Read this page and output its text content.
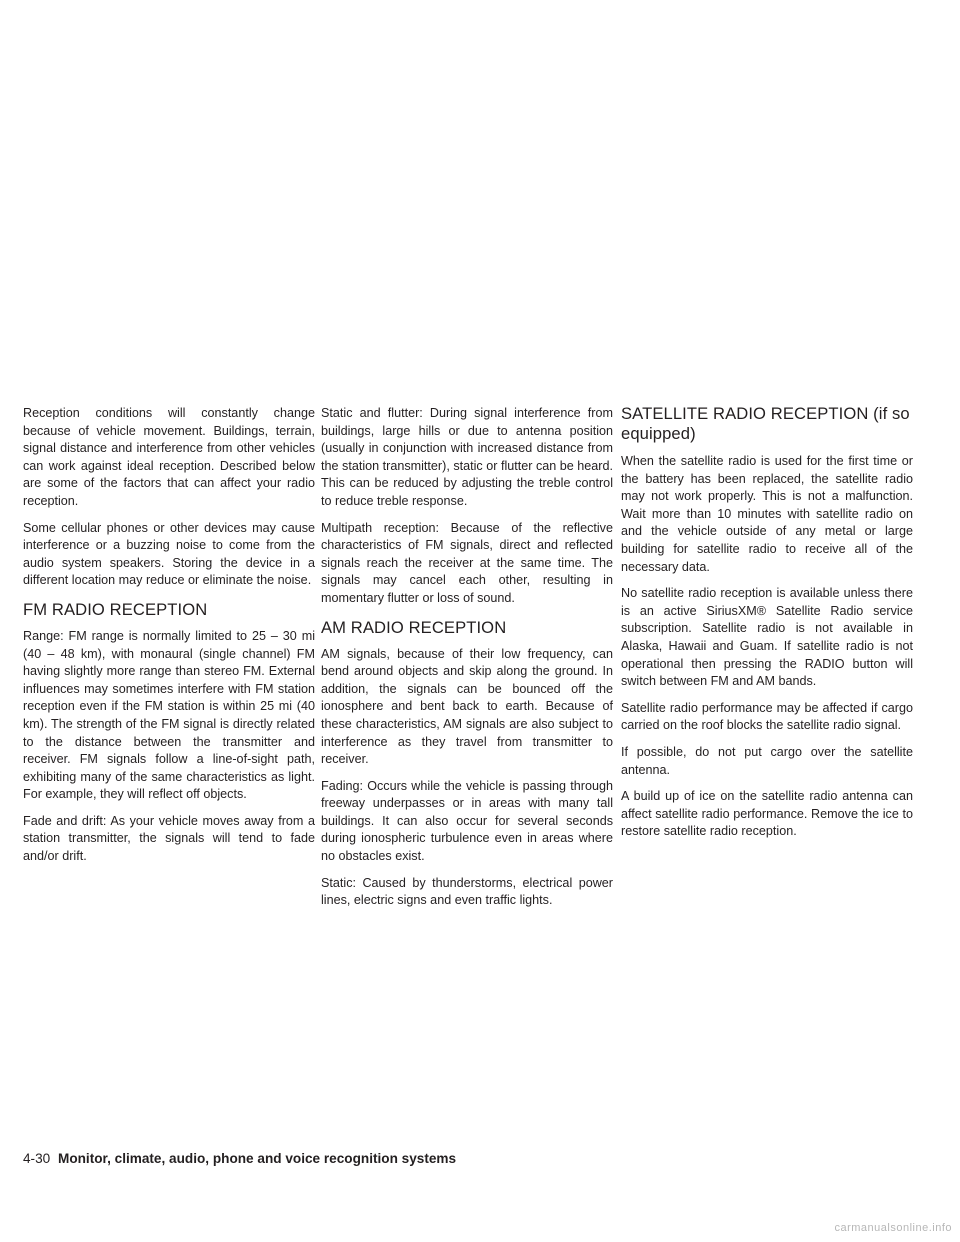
Reception conditions will constantly change because of vehicle movement. Buildings, terrain, signal distance and interference from other vehicles can work against ideal reception. Described below are some of the factors that can affect your radio reception.

Some cellular phones or other devices may cause interference or a buzzing noise to come from the audio system speakers. Storing the device in a different location may reduce or eliminate the noise.

FM RADIO RECEPTION

Range: FM range is normally limited to 25 – 30 mi (40 – 48 km), with monaural (single channel) FM having slightly more range than stereo FM. External influences may sometimes interfere with FM station reception even if the FM station is within 25 mi (40 km). The strength of the FM signal is directly related to the distance between the transmitter and receiver. FM signals follow a line-of-sight path, exhibiting many of the same characteristics as light. For example, they will reflect off objects.

Fade and drift: As your vehicle moves away from a station transmitter, the signals will tend to fade and/or drift.

Static and flutter: During signal interference from buildings, large hills or due to antenna position (usually in conjunction with increased distance from the station transmitter), static or flutter can be heard. This can be reduced by adjusting the treble control to reduce treble response.

Multipath reception: Because of the reflective characteristics of FM signals, direct and reflected signals reach the receiver at the same time. The signals may cancel each other, resulting in momentary flutter or loss of sound.

AM RADIO RECEPTION

AM signals, because of their low frequency, can bend around objects and skip along the ground. In addition, the signals can be bounced off the ionosphere and bent back to earth. Because of these characteristics, AM signals are also subject to interference as they travel from transmitter to receiver.

Fading: Occurs while the vehicle is passing through freeway underpasses or in areas with many tall buildings. It can also occur for several seconds during ionospheric turbulence even in areas where no obstacles exist.

Static: Caused by thunderstorms, electrical power lines, electric signs and even traffic lights.

SATELLITE RADIO RECEPTION (if so equipped)

When the satellite radio is used for the first time or the battery has been replaced, the satellite radio may not work properly. This is not a malfunction. Wait more than 10 minutes with satellite radio on and the vehicle outside of any metal or large building for satellite radio to receive all of the necessary data.

No satellite radio reception is available unless there is an active SiriusXM® Satellite Radio service subscription. Satellite radio is not available in Alaska, Hawaii and Guam. If satellite radio is not operational then pressing the RADIO button will switch between FM and AM bands.

Satellite radio performance may be affected if cargo carried on the roof blocks the satellite radio signal.

If possible, do not put cargo over the satellite antenna.

A build up of ice on the satellite radio antenna can affect satellite radio performance. Remove the ice to restore satellite radio reception.

4-30 Monitor, climate, audio, phone and voice recognition systems
carmanualsonline.info
